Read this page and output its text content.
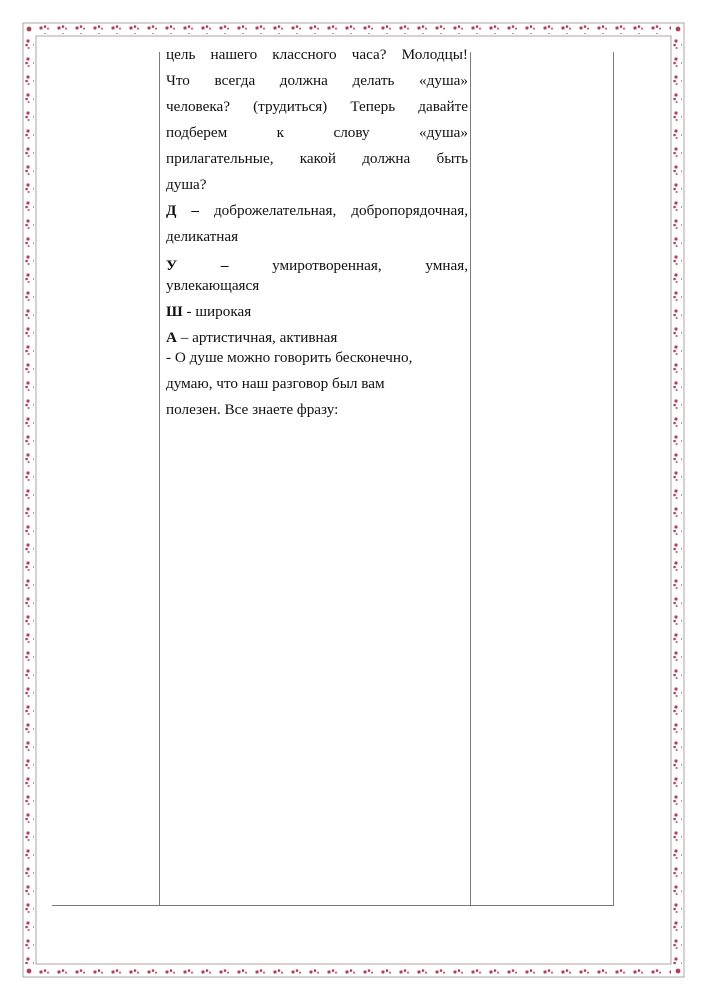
цель нашего классного часа? Молодцы!

Что всегда должна делать «душа»

человека? (трудиться) Теперь давайте

подберем к слову «душа»

прилагательные, какой должна быть

душа?

Д – доброжелательная, добропорядочная,

деликатная

У –	умиротворенная, умная,

увлекающаяся

Ш - широкая

А – артистичная, активная

- О душе можно говорить бесконечно,

думаю, что наш разговор был вам

полезен. Все знаете фразу:
